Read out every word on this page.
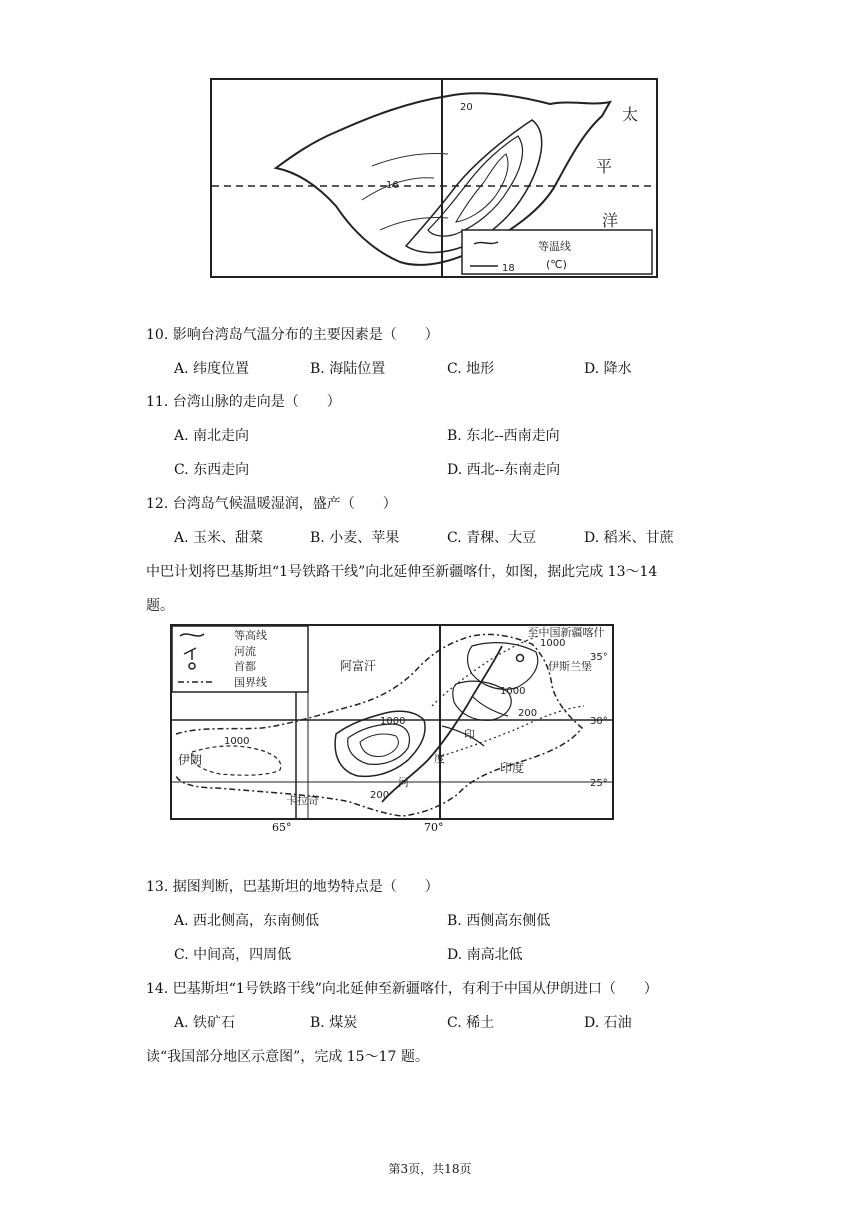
等温线
(℃)
太
平
洋
18
20
16
10. 影响台湾岛气温分布的主要因素是（　　）
A. 纬度位置	B. 海陆位置	C. 地形	D. 降水
11. 台湾山脉的走向是（　　）
A. 南北走向	B. 东北--西南走向
C. 东西走向	D. 西北--东南走向
12. 台湾岛气候温暖湿润，盛产（　　）
A. 玉米、甜菜	B. 小麦、苹果	C. 青稞、大豆	D. 稻米、甘蔗
中巴计划将巴基斯坦“1号铁路干线”向北延伸至新疆喀什，如图，据此完成 13～14
题。
等高线
河流
首都
国界线
至中国新疆喀什
伊斯兰堡
阿富汗
伊朗
印度
卡拉奇
1000
1000
1000
1000
200
200
印
度
河
35°
30°
25°
65°	70°
13. 据图判断，巴基斯坦的地势特点是（　　）
A. 西北侧高，东南侧低	B. 西侧高东侧低
C. 中间高，四周低	D. 南高北低
14. 巴基斯坦“1号铁路干线”向北延伸至新疆喀什，有利于中国从伊朗进口（　　）
A. 铁矿石	B. 煤炭	C. 稀土	D. 石油
读“我国部分地区示意图”，完成 15～17 题。
第3页，共18页
